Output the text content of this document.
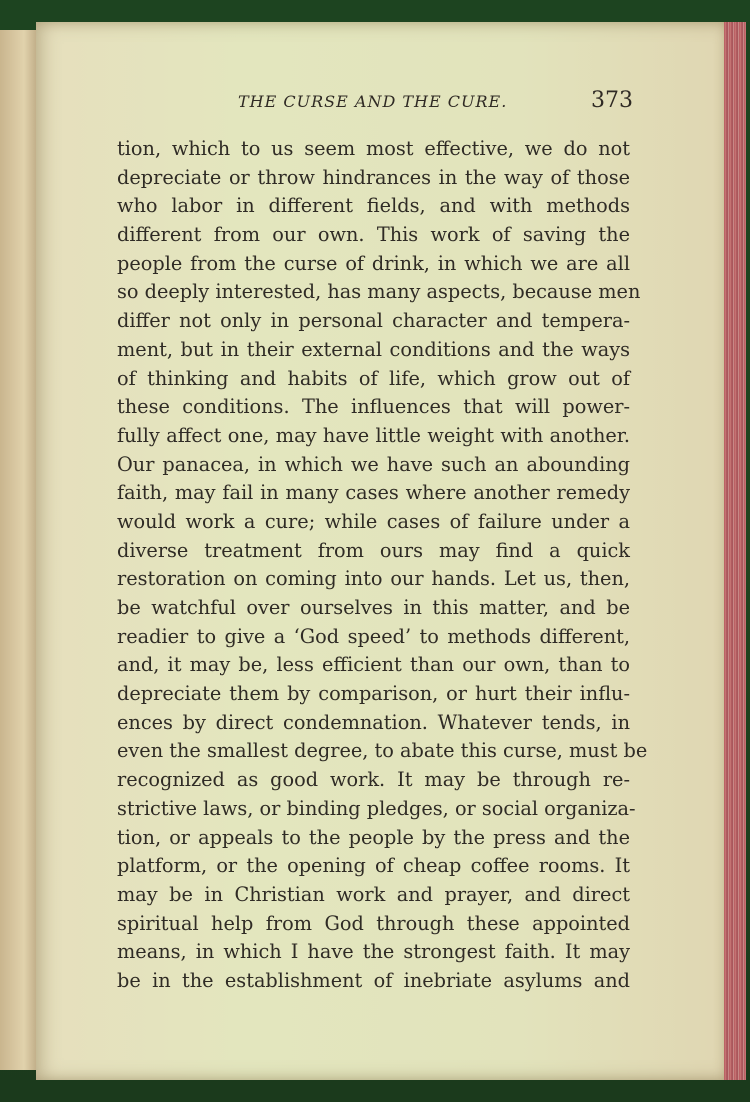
THE CURSE AND THE CURE.	373
tion, which to us seem most effective, we do not
depreciate or throw hindrances in the way of those
who labor in different fields, and with methods
different from our own. This work of saving the
people from the curse of drink, in which we are all
so deeply interested, has many aspects, because men
differ not only in personal character and tempera-
ment, but in their external conditions and the ways
of thinking and habits of life, which grow out of
these conditions. The influences that will power-
fully affect one, may have little weight with another.
Our panacea, in which we have such an abounding
faith, may fail in many cases where another remedy
would work a cure; while cases of failure under a
diverse treatment from ours may find a quick
restoration on coming into our hands. Let us, then,
be watchful over ourselves in this matter, and be
readier to give a ‘God speed’ to methods different,
and, it may be, less efficient than our own, than to
depreciate them by comparison, or hurt their influ-
ences by direct condemnation. Whatever tends, in
even the smallest degree, to abate this curse, must be
recognized as good work. It may be through re-
strictive laws, or binding pledges, or social organiza-
tion, or appeals to the people by the press and the
platform, or the opening of cheap coffee rooms. It
may be in Christian work and prayer, and direct
spiritual help from God through these appointed
means, in which I have the strongest faith. It may
be in the establishment of inebriate asylums and
